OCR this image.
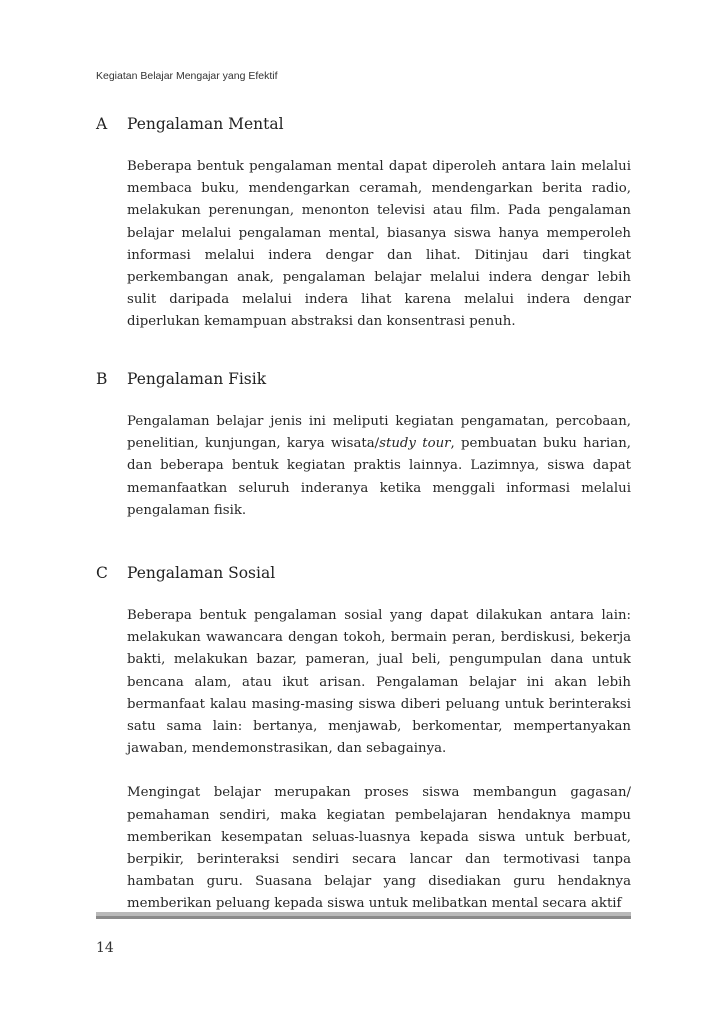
Kegiatan Belajar Mengajar yang Efektif
A Pengalaman Mental
Beberapa bentuk pengalaman mental dapat diperoleh antara lain melalui membaca buku, mendengarkan ceramah, mendengarkan berita radio, melakukan perenungan, menonton televisi atau film. Pada pengalaman belajar melalui pengalaman mental, biasanya siswa hanya memperoleh informasi melalui indera dengar dan lihat. Ditinjau dari tingkat perkembangan anak, pengalaman belajar melalui indera dengar lebih sulit daripada melalui indera lihat karena melalui indera dengar diperlukan kemampuan abstraksi dan konsentrasi penuh.
B Pengalaman Fisik
Pengalaman belajar jenis ini meliputi kegiatan pengamatan, percobaan, penelitian, kunjungan, karya wisata/study tour, pembuatan buku harian, dan beberapa bentuk kegiatan praktis lainnya. Lazimnya, siswa dapat memanfaatkan seluruh inderanya ketika menggali informasi melalui pengalaman fisik.
C Pengalaman Sosial
Beberapa bentuk pengalaman sosial yang dapat dilakukan antara lain: melakukan wawancara dengan tokoh, bermain peran, berdiskusi, bekerja bakti, melakukan bazar, pameran, jual beli, pengumpulan dana untuk bencana alam, atau ikut arisan. Pengalaman belajar ini akan lebih bermanfaat kalau masing-masing siswa diberi peluang untuk berinteraksi satu sama lain: bertanya, menjawab, berkomentar, mempertanyakan jawaban, mendemonstrasikan, dan sebagainya.
Mengingat belajar merupakan proses siswa membangun gagasan/ pemahaman sendiri, maka kegiatan pembelajaran hendaknya mampu memberikan kesempatan seluas-luasnya kepada siswa untuk berbuat, berpikir, berinteraksi sendiri secara lancar dan termotivasi tanpa hambatan guru. Suasana belajar yang disediakan guru hendaknya memberikan peluang kepada siswa untuk melibatkan mental secara aktif
14
